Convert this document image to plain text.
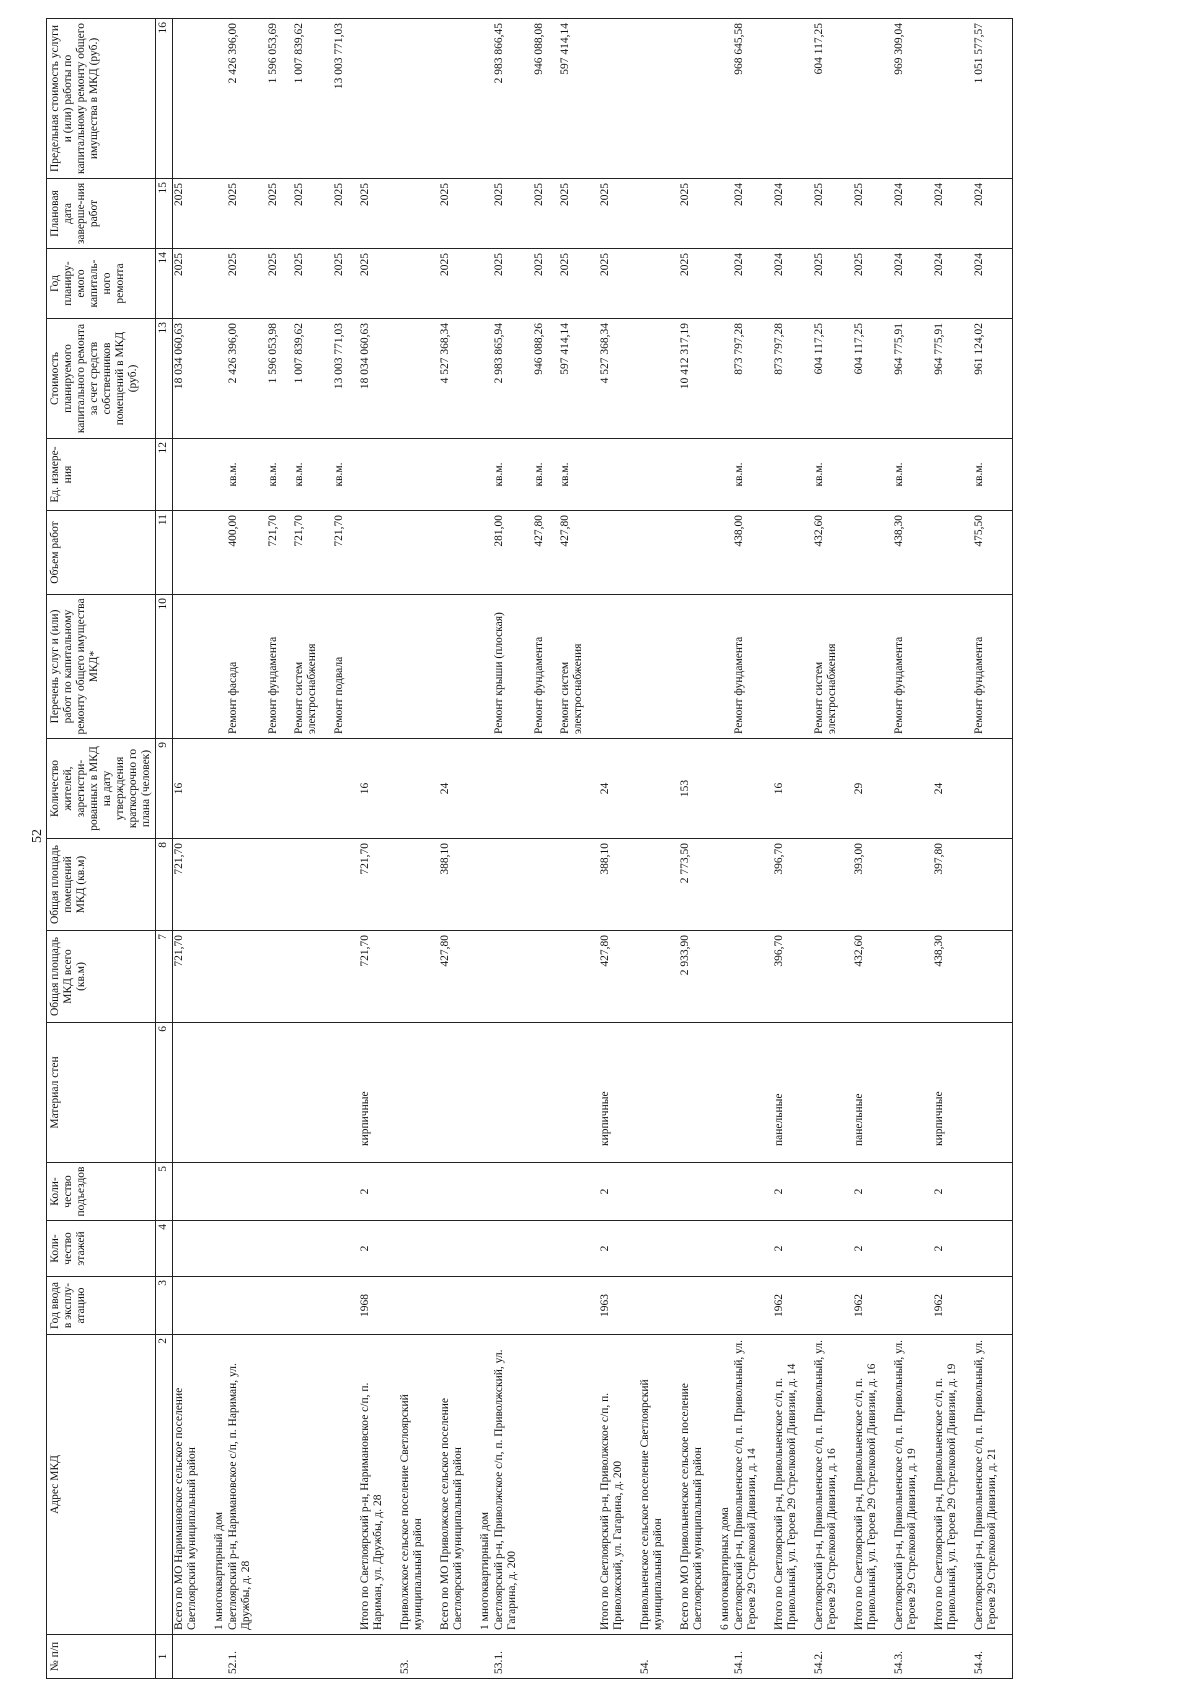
52
№ п/п	Адрес МКД	Год ввода в эксплу-атацию	Коли-чество этажей	Коли-чество подъездов	Материал стен	Общая площадь МКД всего (кв.м)	Общая площадь помещений МКД (кв.м)	Количество жителей, зарегистри-рованных в МКД на дату утверждения краткосрочно го плана (человек)	Перечень услуг и (или) работ по капитальному ремонту общего имущества МКД*	Объем работ	Ед. измере-ния	Стоимость планируемого капитального ремонта за счет средств собственников помещений в МКД (руб.)	Год планиру-емого капиталь-ного ремонта	Плановая дата заверше-ния работ	Предельная стоимость услуги и (или) работы по капитальному ремонту общего имущества в МКД (руб.)
1	2	3	4	5	6	7	8	9	10	11	12	13	14	15	16
	Всего по МО Наримановское сельское поселение Светлоярский муниципальный район					721,70	721,70	16				18 034 060,63	2025	2025	
	1 многоквартирный дом														
52.1.	Светлоярский р-н, Наримановское с/п, п. Нариман, ул. Дружбы, д. 28								Ремонт фасада	400,00	кв.м.	2 426 396,00	2025	2025	2 426 396,00
									Ремонт фундамента	721,70	кв.м.	1 596 053,98	2025	2025	1 596 053,69
									Ремонт систем электроснабжения	721,70	кв.м.	1 007 839,62	2025	2025	1 007 839,62
									Ремонт подвала	721,70	кв.м.	13 003 771,03	2025	2025	13 003 771,03
	Итого по Светлоярский р-н, Наримановское с/п, п. Нариман, ул. Дружбы, д. 28	1968	2	2	кирпичные	721,70	721,70	16				18 034 060,63	2025	2025	
53.	Приволжское сельское поселение Светлоярский муниципальный район														
	Всего по МО Приволжское сельское поселение Светлоярский муниципальный район					427,80	388,10	24				4 527 368,34	2025	2025	
	1 многоквартирный дом														
53.1.	Светлоярский р-н, Приволжское с/п, п. Приволжский, ул. Гагарина, д. 200								Ремонт крыши (плоская)	281,00	кв.м.	2 983 865,94	2025	2025	2 983 866,45
									Ремонт фундамента	427,80	кв.м.	946 088,26	2025	2025	946 088,08
									Ремонт систем электроснабжения	427,80	кв.м.	597 414,14	2025	2025	597 414,14
	Итого по Светлоярский р-н, Приволжское с/п, п. Приволжский, ул. Гагарина, д. 200	1963	2	2	кирпичные	427,80	388,10	24				4 527 368,34	2025	2025	
54.	Привольненское сельское поселение Светлоярский муниципальный район														
	Всего по МО Привольненское сельское поселение Светлоярский муниципальный район					2 933,90	2 773,50	153				10 412 317,19	2025	2025	
	6 многоквартирных дома														
54.1.	Светлоярский р-н, Привольненское с/п, п. Привольный, ул. Героев 29 Стрелковой Дивизии, д. 14								Ремонт фундамента	438,00	кв.м.	873 797,28	2024	2024	968 645,58
	Итого по Светлоярский р-н, Привольненское с/п, п. Привольный, ул. Героев 29 Стрелковой Дивизии, д. 14	1962	2	2	панельные	396,70	396,70	16				873 797,28	2024	2024	
54.2.	Светлоярский р-н, Привольненское с/п, п. Привольный, ул. Героев 29 Стрелковой Дивизии, д. 16								Ремонт систем электроснабжения	432,60	кв.м.	604 117,25	2025	2025	604 117,25
	Итого по Светлоярский р-н, Привольненское с/п, п. Привольный, ул. Героев 29 Стрелковой Дивизии, д. 16	1962	2	2	панельные	432,60	393,00	29				604 117,25	2025	2025	
54.3.	Светлоярский р-н, Привольненское с/п, п. Привольный, ул. Героев 29 Стрелковой Дивизии, д. 19								Ремонт фундамента	438,30	кв.м.	964 775,91	2024	2024	969 309,04
	Итого по Светлоярский р-н, Привольненское с/п, п. Привольный, ул. Героев 29 Стрелковой Дивизии, д. 19	1962	2	2	кирпичные	438,30	397,80	24				964 775,91	2024	2024	
54.4.	Светлоярский р-н, Привольненское с/п, п. Привольный, ул. Героев 29 Стрелковой Дивизии, д. 21								Ремонт фундамента	475,50	кв.м.	961 124,02	2024	2024	1 051 577,57
